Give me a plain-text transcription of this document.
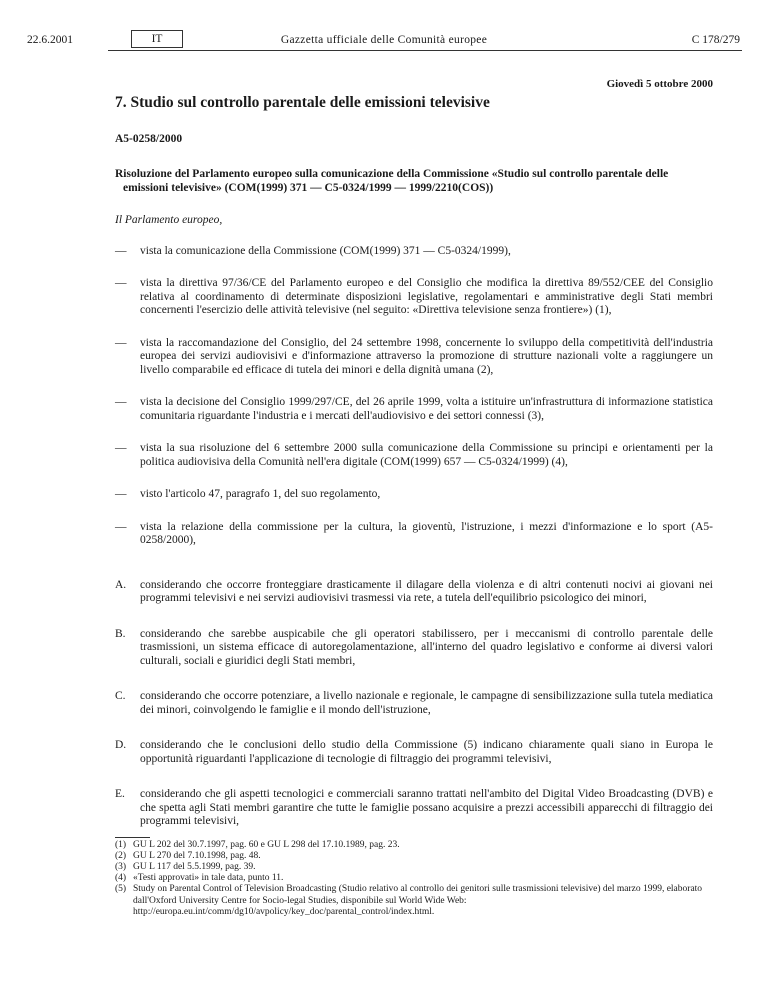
22.6.2001	IT	Gazzetta ufficiale delle Comunità europee	C 178/279
Giovedì 5 ottobre 2000
7. Studio sul controllo parentale delle emissioni televisive

A5-0258/2000

Risoluzione del Parlamento europeo sulla comunicazione della Commissione «Studio sul controllo parentale delle emissioni televisive» (COM(1999) 371 — C5-0324/1999 — 1999/2210(COS))

Il Parlamento europeo,

—	vista la comunicazione della Commissione (COM(1999) 371 — C5-0324/1999),
—	vista la direttiva 97/36/CE del Parlamento europeo e del Consiglio che modifica la direttiva 89/552/CEE del Consiglio relativa al coordinamento di determinate disposizioni legislative, regolamentari e amministrative degli Stati membri concernenti l'esercizio delle attività televisive (nel seguito: «Direttiva televisione senza frontiere») (1),
—	vista la raccomandazione del Consiglio, del 24 settembre 1998, concernente lo sviluppo della competitività dell'industria europea dei servizi audiovisivi e d'informazione attraverso la promozione di strutture nazionali volte a raggiungere un livello comparabile ed efficace di tutela dei minori e della dignità umana (2),
—	vista la decisione del Consiglio 1999/297/CE, del 26 aprile 1999, volta a istituire un'infrastruttura di informazione statistica comunitaria riguardante l'industria e i mercati dell'audiovisivo e dei settori connessi (3),
—	vista la sua risoluzione del 6 settembre 2000 sulla comunicazione della Commissione su principi e orientamenti per la politica audiovisiva della Comunità nell'era digitale (COM(1999) 657 — C5-0324/1999) (4),
—	visto l'articolo 47, paragrafo 1, del suo regolamento,
—	vista la relazione della commissione per la cultura, la gioventù, l'istruzione, i mezzi d'informazione e lo sport (A5-0258/2000),
A.	considerando che occorre fronteggiare drasticamente il dilagare della violenza e di altri contenuti nocivi ai giovani nei programmi televisivi e nei servizi audiovisivi trasmessi via rete, a tutela dell'equilibrio psicologico dei minori,
B.	considerando che sarebbe auspicabile che gli operatori stabilissero, per i meccanismi di controllo parentale delle trasmissioni, un sistema efficace di autoregolamentazione, all'interno del quadro legislativo e conforme ai diversi valori culturali, sociali e giuridici degli Stati membri,
C.	considerando che occorre potenziare, a livello nazionale e regionale, le campagne di sensibilizzazione sulla tutela mediatica dei minori, coinvolgendo le famiglie e il mondo dell'istruzione,
D.	considerando che le conclusioni dello studio della Commissione (5) indicano chiaramente quali siano in Europa le opportunità riguardanti l'applicazione di tecnologie di filtraggio dei programmi televisivi,
E.	considerando che gli aspetti tecnologici e commerciali saranno trattati nell'ambito del Digital Video Broadcasting (DVB) e che spetta agli Stati membri garantire che tutte le famiglie possano acquisire a prezzi accessibili apparecchi di filtraggio dei programmi televisivi,
(1) GU L 202 del 30.7.1997, pag. 60 e GU L 298 del 17.10.1989, pag. 23.
(2) GU L 270 del 7.10.1998, pag. 48.
(3) GU L 117 del 5.5.1999, pag. 39.
(4) «Testi approvati» in tale data, punto 11.
(5) Study on Parental Control of Television Broadcasting (Studio relativo al controllo dei genitori sulle trasmissioni televisive) del marzo 1999, elaborato dall'Oxford University Centre for Socio-legal Studies, disponibile sul World Wide Web: http://europa.eu.int/comm/dg10/avpolicy/key_doc/parental_control/index.html.
